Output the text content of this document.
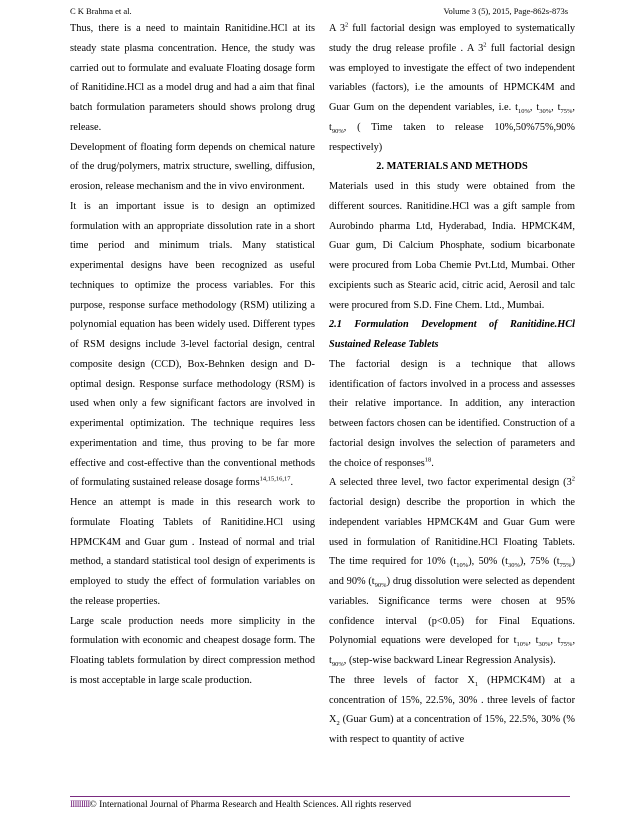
C K Brahma et al.	Volume 3 (5), 2015, Page-862s-873s

Thus, there is a need to maintain Ranitidine.HCl at its steady state plasma concentration. Hence, the study was carried out to formulate and evaluate Floating dosage form of Ranitidine.HCl as a model drug and had a aim that final batch formulation parameters should shows prolong drug release.

Development of floating form depends on chemical nature of the drug/polymers, matrix structure, swelling, diffusion, erosion, release mechanism and the in vivo environment.

It is an important issue is to design an optimized formulation with an appropriate dissolution rate in a short time period and minimum trials. Many statistical experimental designs have been recognized as useful techniques to optimize the process variables. For this purpose, response surface methodology (RSM) utilizing a polynomial equation has been widely used. Different types of RSM designs include 3-level factorial design, central composite design (CCD), Box-Behnken design and D-optimal design. Response surface methodology (RSM) is used when only a few significant factors are involved in experimental optimization. The technique requires less experimentation and time, thus proving to be far more effective and cost-effective than the conventional methods of formulating sustained release dosage forms$^{14,15,16,17}$.

Hence an attempt is made in this research work to formulate Floating Tablets of Ranitidine.HCl using HPMCK4M and Guar gum . Instead of normal and trial method, a standard statistical tool design of experiments is employed to study the effect of formulation variables on the release properties.

Large scale production needs more simplicity in the formulation with economic and cheapest dosage form. The Floating tablets formulation by direct compression method is most acceptable in large scale production.

A $3^2$ full factorial design was employed to systematically study the drug release profile . A $3^2$ full factorial design was employed to investigate the effect of two independent variables (factors), i.e the amounts of HPMCK4M and Guar Gum on the dependent variables, i.e. $t_{10\%}$, $t_{30\%}$, $t_{75\%}$, $t_{90\%}$, ( Time taken to release 10%,50%75%,90% respectively)

2. MATERIALS AND METHODS

Materials used in this study were obtained from the different sources. Ranitidine.HCl was a gift sample from Aurobindo pharma Ltd, Hyderabad, India. HPMCK4M, Guar gum, Di Calcium Phosphate, sodium bicarbonate were procured from Loba Chemie Pvt.Ltd, Mumbai. Other excipients such as Stearic acid, citric acid, Aerosil and talc were procured from S.D. Fine Chem. Ltd., Mumbai.

2.1 Formulation Development of Ranitidine.HCl Sustained Release Tablets

The factorial design is a technique that allows identification of factors involved in a process and assesses their relative importance. In addition, any interaction between factors chosen can be identified. Construction of a factorial design involves the selection of parameters and the choice of responses$^{18}$.

A selected three level, two factor experimental design ($3^2$ factorial design) describe the proportion in which the independent variables HPMCK4M and Guar Gum were used in formulation of Ranitidine.HCl Floating Tablets. The time required for 10% $(t_{10\%})$, 50% $(t_{30\%})$, 75% $(t_{75\%})$ and 90% $(t_{90\%})$ drug dissolution were selected as dependent variables. Significance terms were chosen at 95% confidence interval (p<0.05) for Final Equations. Polynomial equations were developed for $t_{10\%}$, $t_{30\%}$, $t_{75\%}$, $t_{90\%}$, (step-wise backward Linear Regression Analysis).

The three levels of factor $X_1$ (HPMCK4M) at a concentration of 15%, 22.5%, 30% . three levels of factor $X_2$ (Guar Gum) at a concentration of 15%, 22.5%, 30% (% with respect to quantity of active

IIIIIIIII© International Journal of Pharma Research and Health Sciences. All rights reserved
